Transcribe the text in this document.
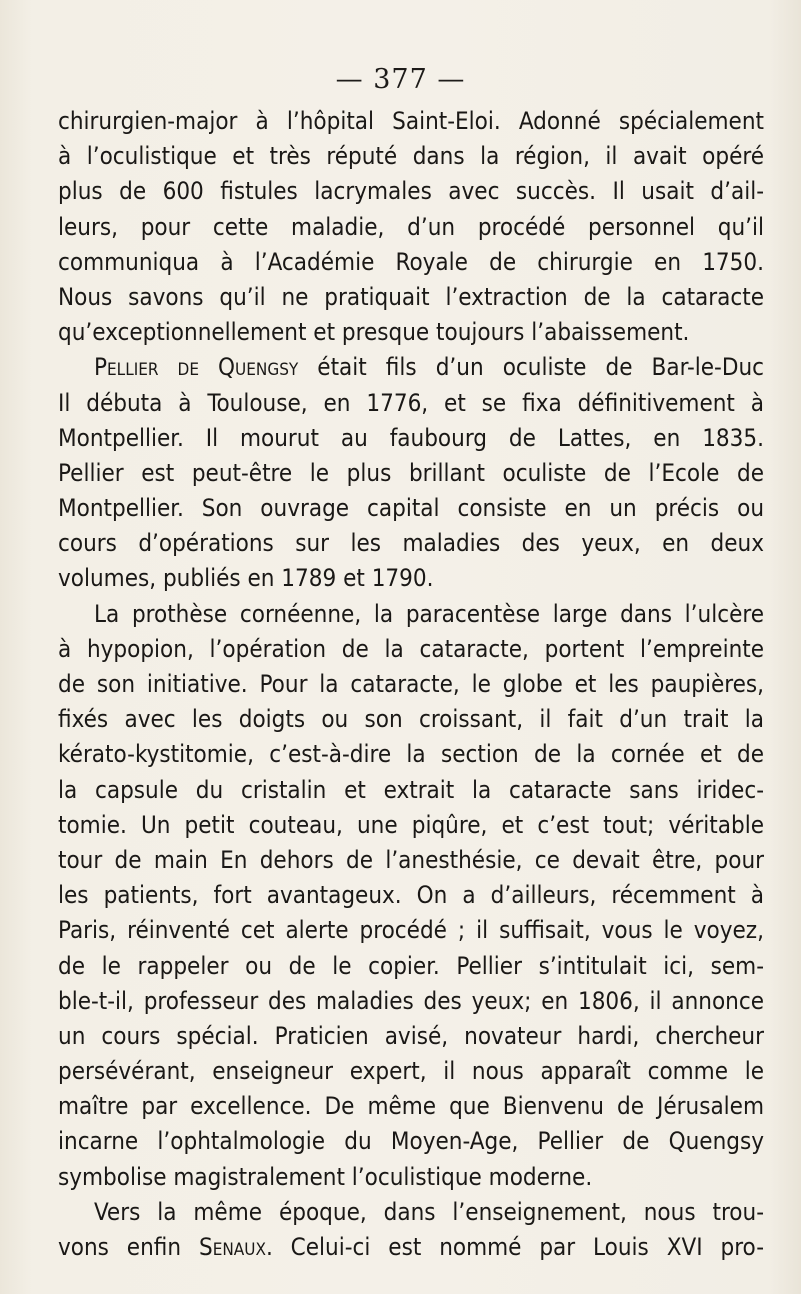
— 377 —
chirurgien-major à l’hôpital Saint-Eloi. Adonné spécialement
à l’oculistique et très réputé dans la région, il avait opéré
plus de 600 fistules lacrymales avec succès. Il usait d’ail-
leurs, pour cette maladie, d’un procédé personnel qu’il
communiqua à l’Académie Royale de chirurgie en 1750.
Nous savons qu’il ne pratiquait l’extraction de la cataracte
qu’exceptionnellement et presque toujours l’abaissement.
Pellier de Quengsy était fils d’un oculiste de Bar-le-Duc
Il débuta à Toulouse, en 1776, et se fixa définitivement à
Montpellier. Il mourut au faubourg de Lattes, en 1835.
Pellier est peut-être le plus brillant oculiste de l’Ecole de
Montpellier. Son ouvrage capital consiste en un précis ou
cours d’opérations sur les maladies des yeux, en deux
volumes, publiés en 1789 et 1790.
La prothèse cornéenne, la paracentèse large dans l’ulcère
à hypopion, l’opération de la cataracte, portent l’empreinte
de son initiative. Pour la cataracte, le globe et les paupières,
fixés avec les doigts ou son croissant, il fait d’un trait la
kérato-kystitomie, c’est-à-dire la section de la cornée et de
la capsule du cristalin et extrait la cataracte sans iridec-
tomie. Un petit couteau, une piqûre, et c’est tout; véritable
tour de main En dehors de l’anesthésie, ce devait être, pour
les patients, fort avantageux. On a d’ailleurs, récemment à
Paris, réinventé cet alerte procédé ; il suffisait, vous le voyez,
de le rappeler ou de le copier. Pellier s’intitulait ici, sem-
ble-t-il, professeur des maladies des yeux; en 1806, il annonce
un cours spécial. Praticien avisé, novateur hardi, chercheur
persévérant, enseigneur expert, il nous apparaît comme le
maître par excellence. De même que Bienvenu de Jérusalem
incarne l’ophtalmologie du Moyen-Age, Pellier de Quengsy
symbolise magistralement l’oculistique moderne.
Vers la même époque, dans l’enseignement, nous trou-
vons enfin Senaux. Celui-ci est nommé par Louis XVI pro-
